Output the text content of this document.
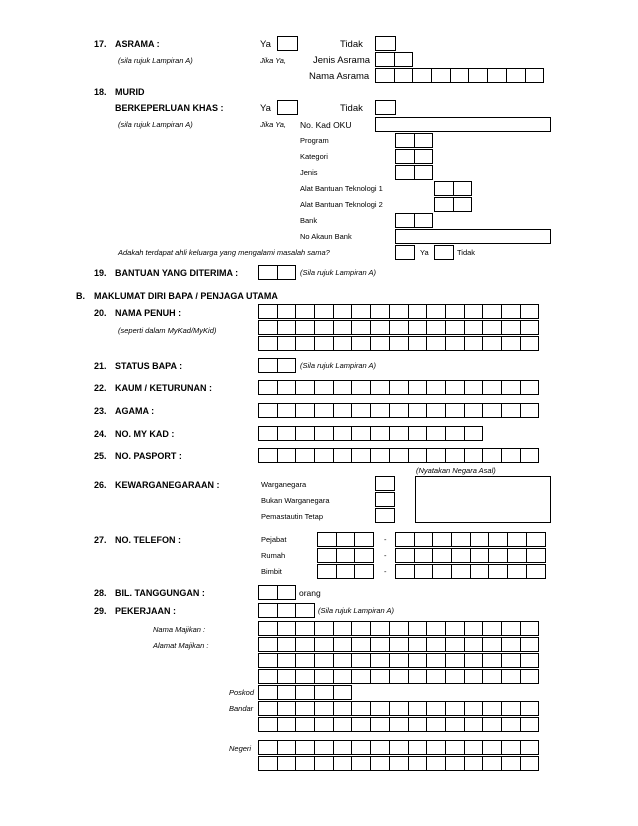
17. ASRAMA :
(sila rujuk Lampiran A)
Ya	Tidak
Jika Ya,	Jenis Asrama
Nama Asrama
18. MURID
BERKEPERLUAN KHAS :
(sila rujuk Lampiran A)
Ya	Tidak
Jika Ya, No. Kad OKU
Program
Kategori
Jenis
Alat Bantuan Teknologi 1
Alat Bantuan Teknologi 2
Bank
No Akaun Bank
Adakah terdapat ahli keluarga yang mengalami masalah sama?	Ya	Tidak
19. BANTUAN YANG DITERIMA :	(Sila rujuk Lampiran A)
B. MAKLUMAT DIRI BAPA / PENJAGA UTAMA
20. NAMA PENUH :
(seperti dalam MyKad/MyKid)
21. STATUS BAPA :	(Sila rujuk Lampiran A)
22. KAUM / KETURUNAN :
23. AGAMA :
24. NO. MY KAD :
25. NO. PASPORT :
(Nyatakan Negara Asal)
26. KEWARGANEGARAAN :	Warganegara
Bukan Warganegara
Pemastautin Tetap
27. NO. TELEFON :	Pejabat	-
Rumah	-
Bimbit	-
28. BIL. TANGGUNGAN :	orang
29. PEKERJAAN :	(Sila rujuk Lampiran A)
Nama Majikan :
Alamat Majikan :
Poskod
Bandar
Negeri
